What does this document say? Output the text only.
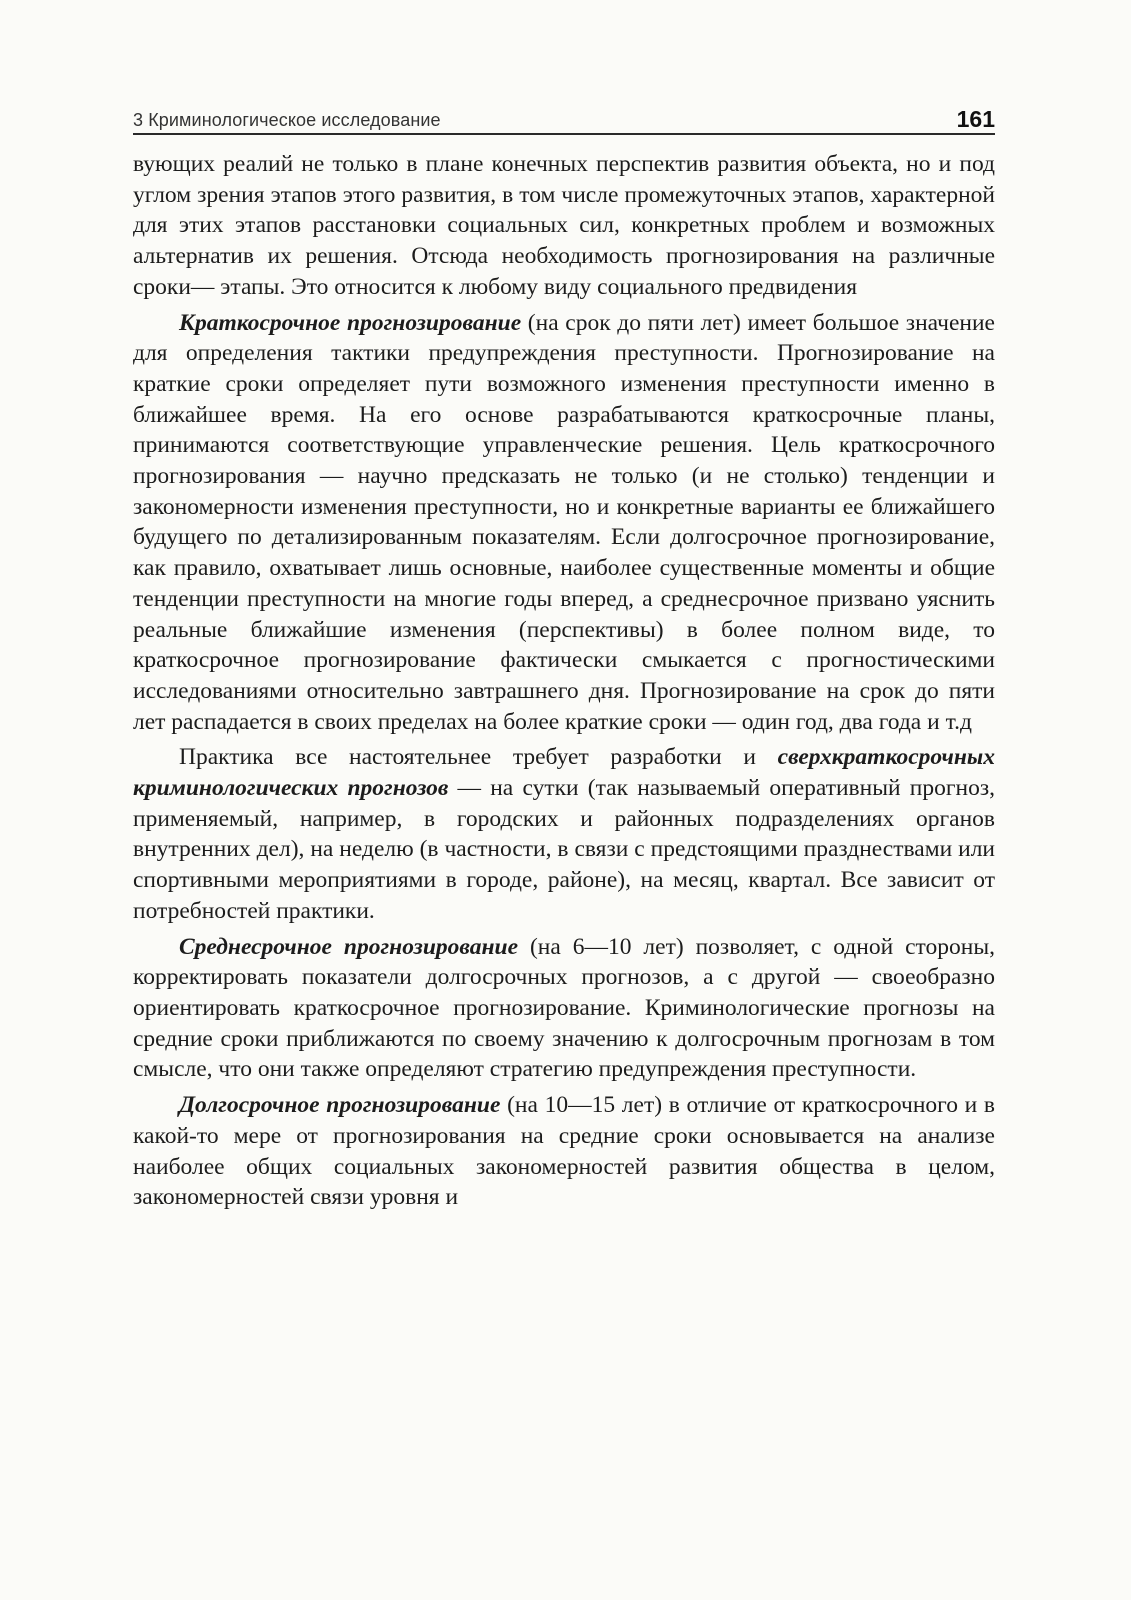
3 Криминологическое исследование	161

вующих реалий не только в плане конечных перспектив развития объекта, но и под углом зрения этапов этого развития, в том числе промежуточных этапов, характерной для этих этапов расстановки социальных сил, конкретных проблем и возможных альтернатив их решения. Отсюда необходимость прогнозирования на различные сроки— этапы. Это относится к любому виду социального предвидения

Краткосрочное прогнозирование (на срок до пяти лет) имеет большое значение для определения тактики предупреждения преступности. Прогнозирование на краткие сроки определяет пути возможного изменения преступности именно в ближайшее время. На его основе разрабатываются краткосрочные планы, принимаются соответствующие управленческие решения. Цель краткосрочного прогнозирования — научно предсказать не только (и не столько) тенденции и закономерности изменения преступности, но и конкретные варианты ее ближайшего будущего по детализированным показателям. Если долгосрочное прогнозирование, как правило, охватывает лишь основные, наиболее существенные моменты и общие тенденции преступности на многие годы вперед, а среднесрочное призвано уяснить реальные ближайшие изменения (перспективы) в более полном виде, то краткосрочное прогнозирование фактически смыкается с прогностическими исследованиями относительно завтрашнего дня. Прогнозирование на срок до пяти лет распадается в своих пределах на более краткие сроки — один год, два года и т.д

Практика все настоятельнее требует разработки и сверхкраткосрочных криминологических прогнозов — на сутки (так называемый оперативный прогноз, применяемый, например, в городских и районных подразделениях органов внутренних дел), на неделю (в частности, в связи с предстоящими празднествами или спортивными мероприятиями в городе, районе), на месяц, квартал. Все зависит от потребностей практики.

Среднесрочное прогнозирование (на 6—10 лет) позволяет, с одной стороны, корректировать показатели долгосрочных прогнозов, а с другой — своеобразно ориентировать краткосрочное прогнозирование. Криминологические прогнозы на средние сроки приближаются по своему значению к долгосрочным прогнозам в том смысле, что они также определяют стратегию предупреждения преступности.

Долгосрочное прогнозирование (на 10—15 лет) в отличие от краткосрочного и в какой-то мере от прогнозирования на средние сроки основывается на анализе наиболее общих социальных закономерностей развития общества в целом, закономерностей связи уровня и
